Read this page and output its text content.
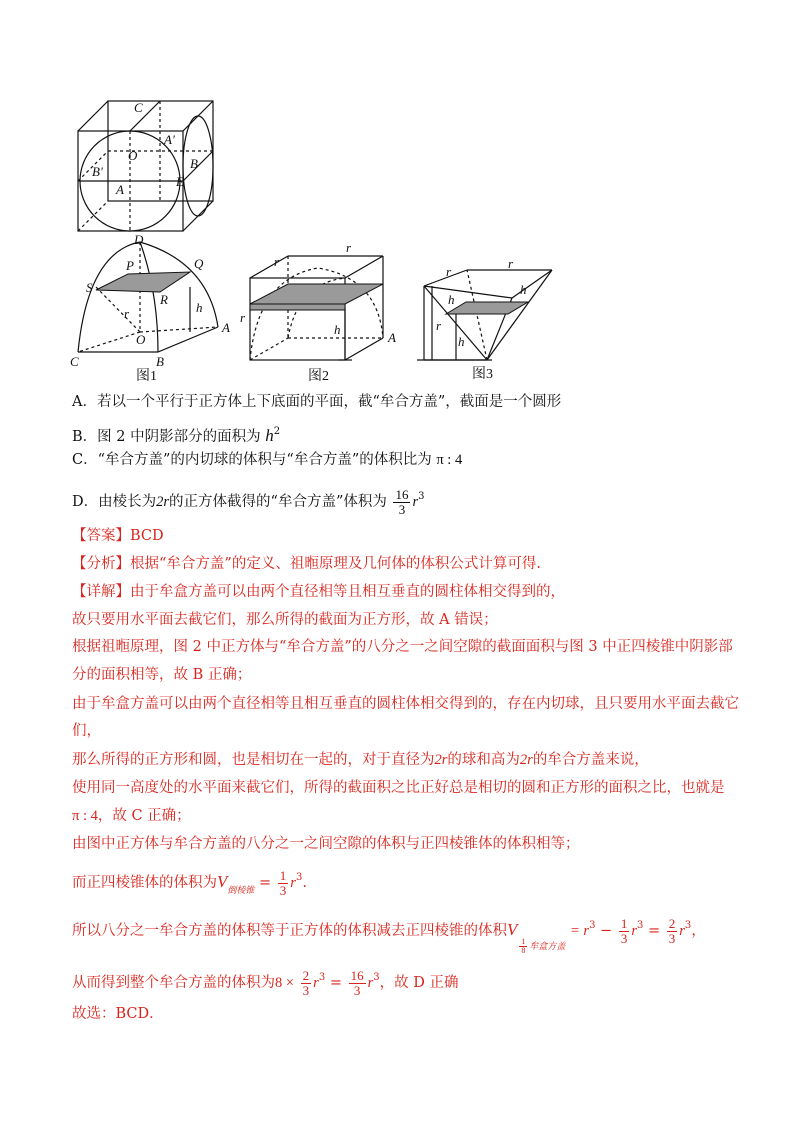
C
A'
O
B'
B
A
E
D
P	Q
S
R
h
r
O
A
C	B
图1
r
r
r
h
A
图2
r
r
r
h
h
h
图3
A．若以一个平行于正方体上下底面的平面，截“牟合方盖”，截面是一个圆形
B．图 2 中阴影部分的面积为 $h^2$
C．“牟合方盖”的内切球的体积与“牟合方盖”的体积比为 π : 4
D．由棱长为2r的正方体截得的“牟合方盖”体积为 $\frac{16}{3} r^3$
【答案】BCD
【分析】根据“牟合方盖”的定义、祖暅原理及几何体的体积公式计算可得.
【详解】由于牟盒方盖可以由两个直径相等且相互垂直的圆柱体相交得到的，
故只要用水平面去截它们，那么所得的截面为正方形，故 A 错误；
根据祖暅原理，图 2 中正方体与“牟合方盖”的八分之一之间空隙的截面面积与图 3 中正四棱锥中阴影部
分的面积相等，故 B 正确；
由于牟盒方盖可以由两个直径相等且相互垂直的圆柱体相交得到的，存在内切球，且只要用水平面去截它
们，
那么所得的正方形和圆，也是相切在一起的，对于直径为2r的球和高为2r的牟合方盖来说，
使用同一高度处的水平面来截它们，所得的截面积之比正好总是相切的圆和正方形的面积之比，也就是
π : 4，故 C 正确；
由图中正方体与牟合方盖的八分之一之间空隙的体积与正四棱锥体的体积相等；
而正四棱锥体的体积为$V_{倒棱锥} = \frac{1}{3} r^3$.
所以八分之一牟合方盖的体积等于正方体的体积减去正四棱锥的体积V
$\frac{1}{8}$ 牟盒方盖 = $r^3 - \frac{1}{3} r^3 = \frac{2}{3} r^3$，
从而得到整个牟合方盖的体积为$8 \times \frac{2}{3} r^3 = \frac{16}{3} r^3$，故 D 正确
故选：BCD．
